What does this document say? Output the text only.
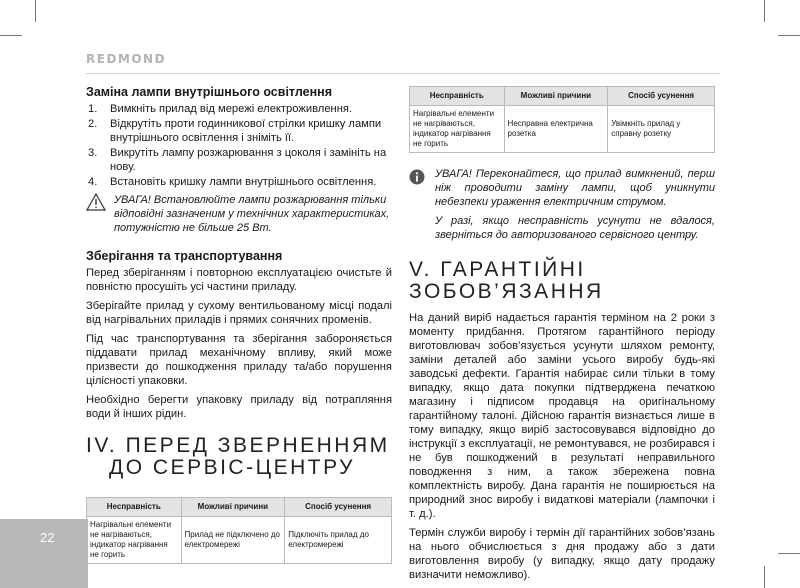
REDMOND
Заміна лампи внутрішнього освітлення
1.	Вимкніть прилад від мережі електроживлення.
2.	Відкрутіть проти годинникової стрілки кришку лампи внутрішнього освітлення і зніміть її.
3.	Викрутіть лампу розжарювання з цоколя і замініть на нову.
4.	Встановіть кришку лампи внутрішнього освітлення.
УВАГА! Встановлюйте лампи розжарювання тільки відповідні зазначеним у технічних характеристиках, потужністю не більше 25 Вт.
Зберігання та транспортування

Перед зберіганням і повторною експлуатацією очистьте й повністю просушіть усі частини приладу.

Зберігайте прилад у сухому вентильованому місці подалі від нагрівальних приладів і прямих сонячних променів.

Під час транспортування та зберігання забороняється піддавати прилад механічному впливу, який може призвести до пошкодження приладу та/або порушення цілісності упаковки.

Необхідно берегти упаковку приладу від потрапляння води й інших рідин.

IV. ПЕРЕД ЗВЕРНЕННЯМ
ДО СЕРВІС-ЦЕНТРУ
Несправність	Можливі причини	Спосіб усунення
Нагрівальні елементи не нагріваються, індикатор нагрівання не горить	Прилад не підключено до електромережі	Підключіть прилад до електромережі
Несправність	Можливі причини	Спосіб усунення
Нагрівальні елементи не нагріваються, індикатор нагрівання не горить	Несправна електрична розетка	Увімкніть прилад у справну розетку

УВАГА! Переконайтеся, що прилад вимкнений, перш ніж проводити заміну лампи, щоб уникнути небезпеки ураження електричним струмом.

У разі, якщо несправність усунути не вдалося, зверніться до авторизованого сервісного центру.

V. ГАРАНТІЙНІ ЗОБОВ’ЯЗАННЯ

На даний виріб надається гарантія терміном на 2 роки з моменту придбання. Протягом гарантійного періоду виготовлювач зобов’язується усунути шляхом ремонту, заміни деталей або заміни усього виробу будь-які заводські дефекти. Гарантія набирає сили тільки в тому випадку, якщо дата покупки підтверджена печаткою магазину і підписом продавця на оригінальному гарантійному талоні. Дійсною гарантія визнається лише в тому випадку, якщо виріб застосовувався відповідно до інструкції з експлуатації, не ремонтувався, не розбирався і не був пошкоджений в результаті неправильного поводження з ним, а також збережена повна комплектність виробу. Дана гарантія не поширюється на природний знос виробу і видаткові матеріали (лампочки і т. д.).

Термін служби виробу і термін дії гарантійних зобов’язань на нього обчислюється з дня продажу або з дати виготовлення виробу (у випадку, якщо дату продажу визначити неможливо).

22
